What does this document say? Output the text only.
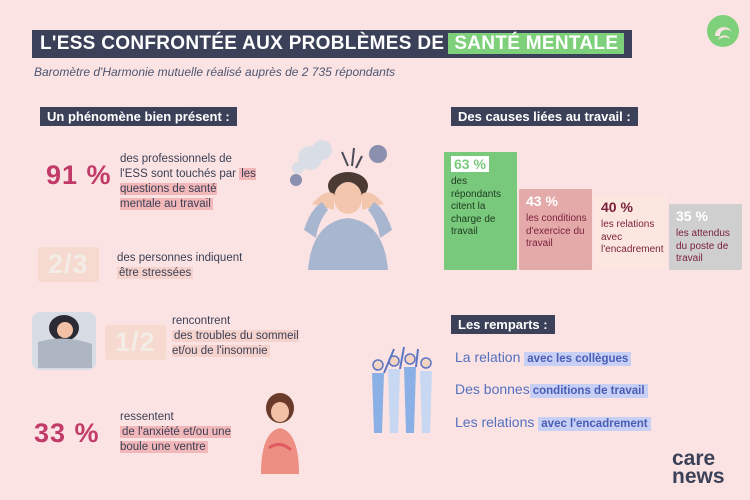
L'ESS CONFRONTÉE AUX PROBLÈMES DE SANTÉ MENTALE
Baromètre d'Harmonie mutuelle réalisé auprès de 2 735 répondants
Un phénomène bien présent :
91 %
des professionnels de l'ESS sont touchés par les questions de santé mentale au travail
2/3	des personnes indiquent
être stressées
1/2
rencontrent
des troubles du sommeil et/ou de l'insomnie
33 %
ressentent
de l'anxiété et/ou une boule une ventre
Des causes liées au travail :
63 %
des répondants citent la charge de travail
43 %
les conditions d'exercice du travail
40 %
les relations avec l'encadrement
35 %
les attendus du poste de travail
Les remparts :
La relation avec les collègues
Des bonnes conditions de travail
Les relations avec l'encadrement
care
news
